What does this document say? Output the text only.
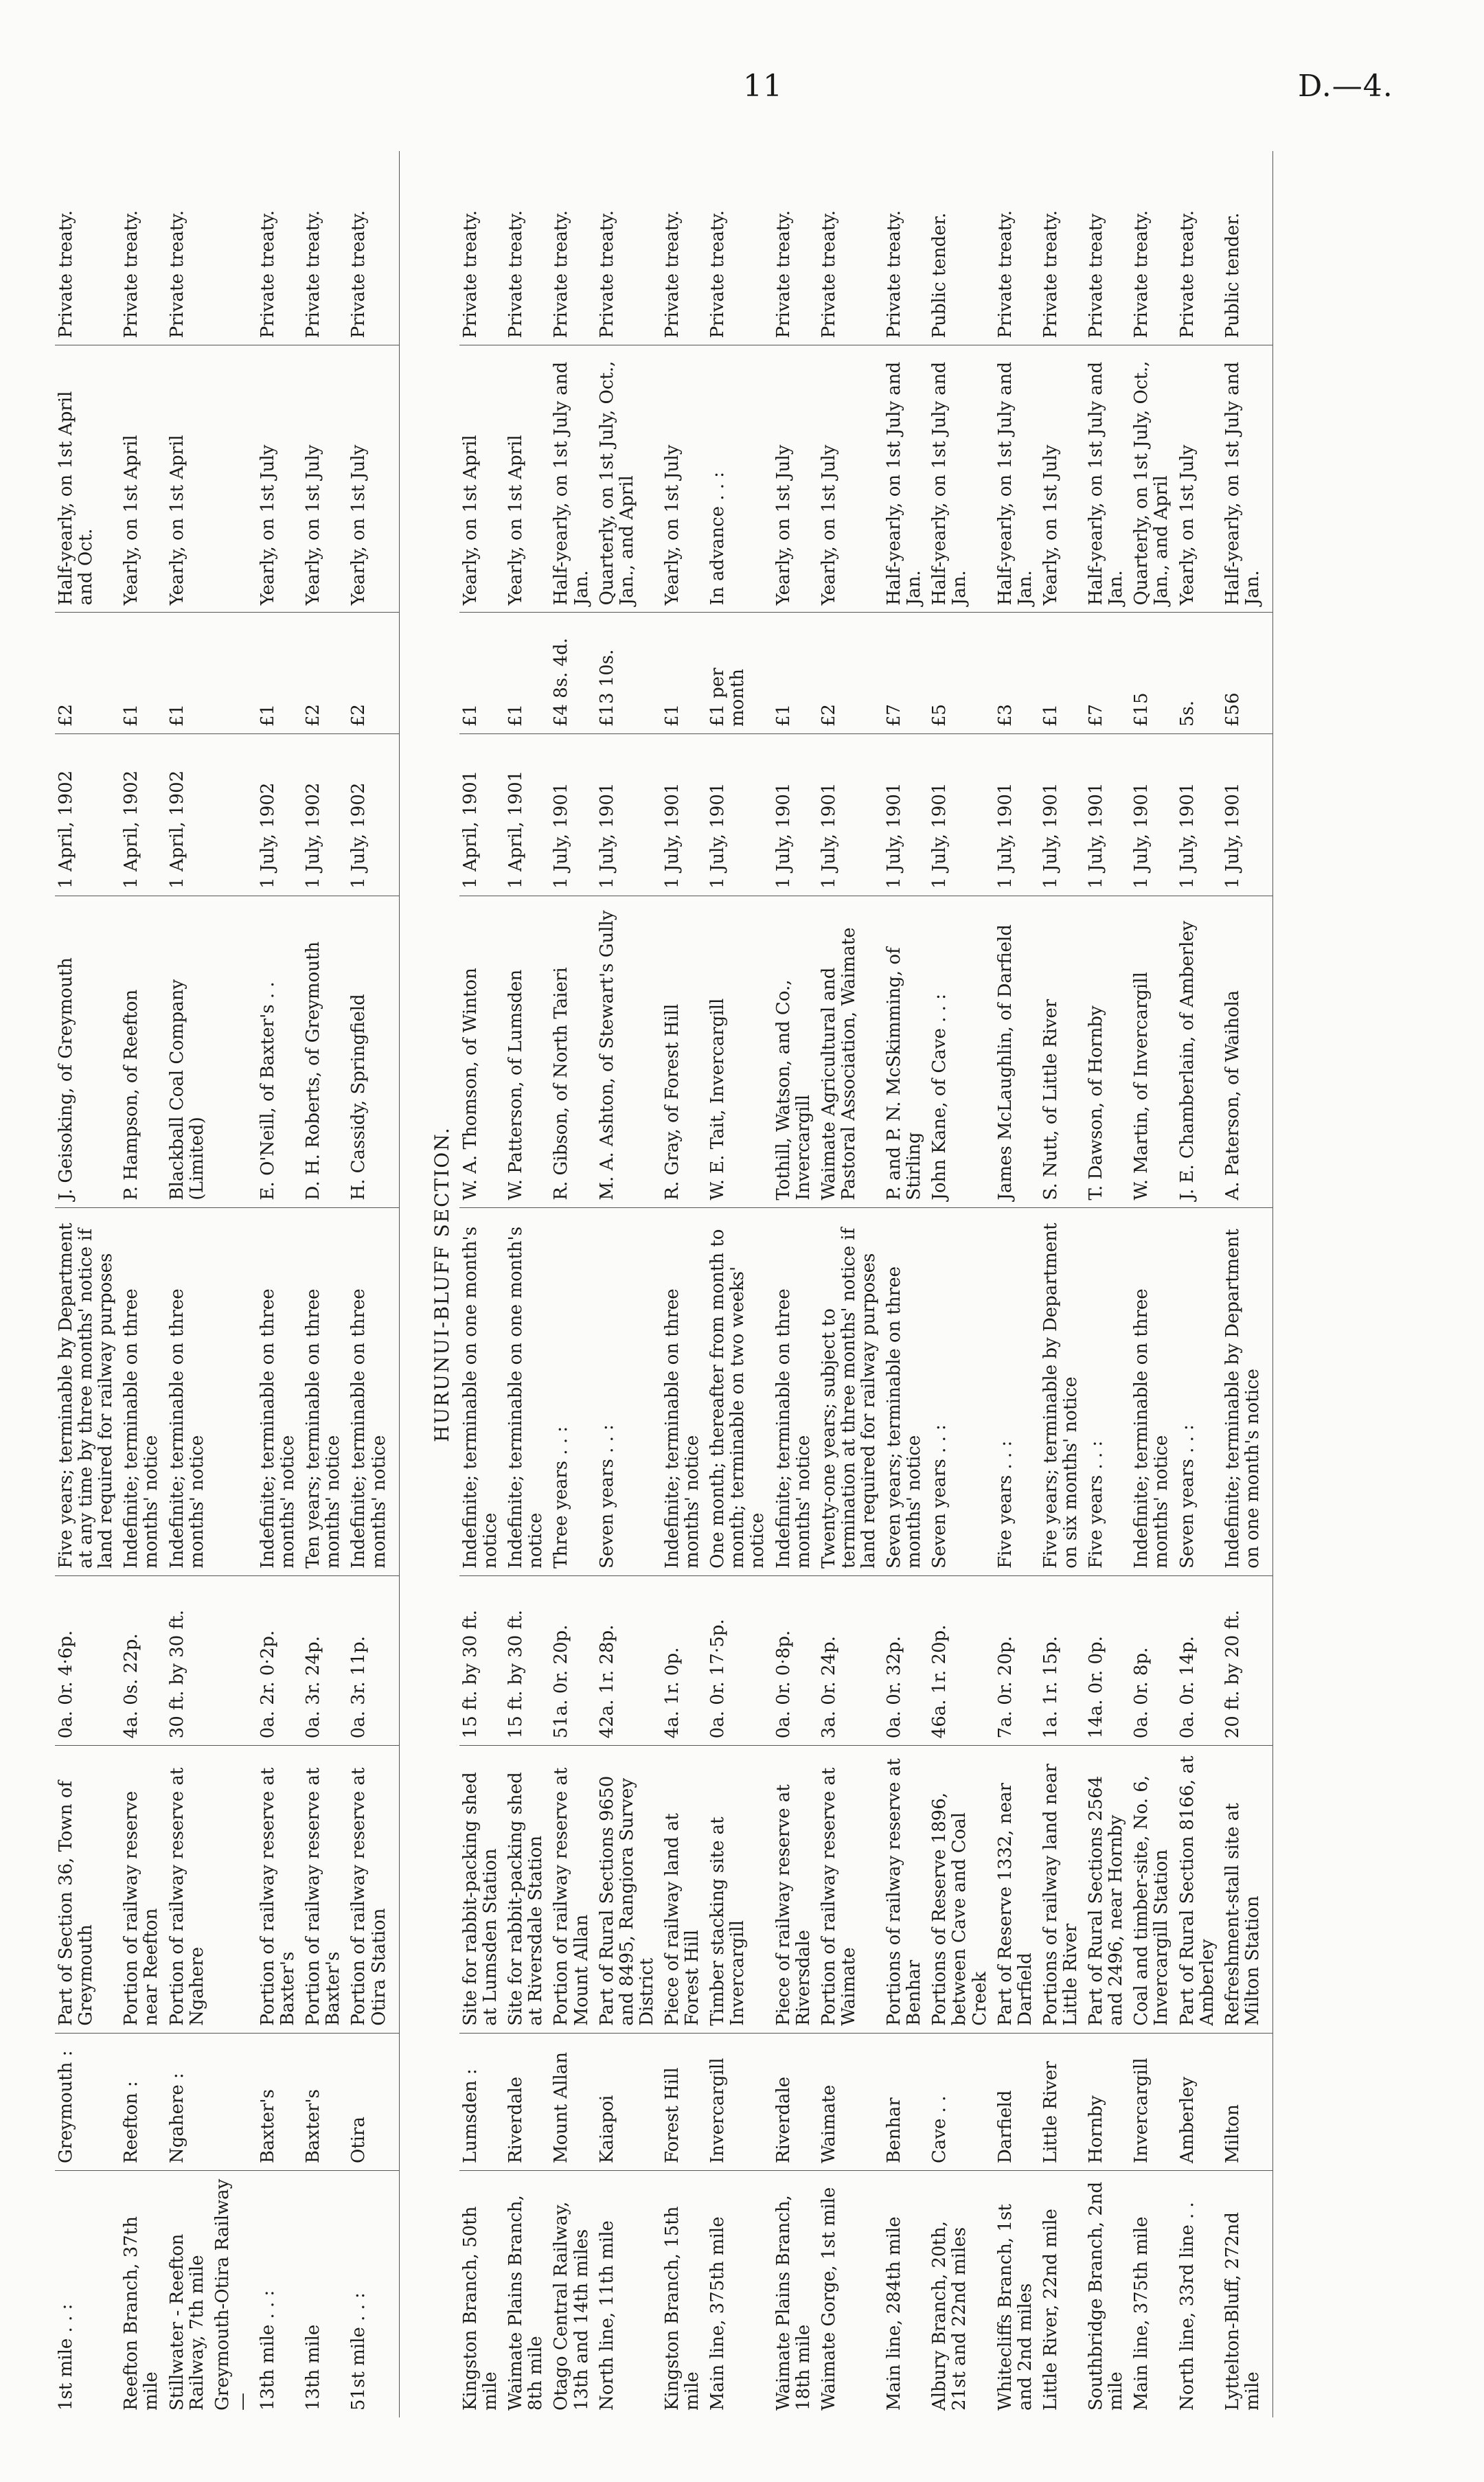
11	D.—4.
1st mile . . :	Greymouth :	Part of Section 36, Town of Greymouth	0a. 0r. 4·6p.	Five years; terminable by Department at any time by three months' notice if land required for railway purposes	J. Geisoking, of Greymouth	1 April, 1902	£2	Half-yearly, on 1st April and Oct.	Private treaty.
Reefton Branch, 37th mile	Reefton :	Portion of railway reserve near Reefton	4a. 0s. 22p.	Indefinite; terminable on three months' notice	P. Hampson, of Reefton	1 April, 1902	£1	Yearly, on 1st April	Private treaty.
Stillwater - Reefton Railway, 7th mile	Ngahere :	Portion of railway reserve at Ngahere	30 ft. by 30 ft.	Indefinite; terminable on three months' notice	Blackball Coal Company (Limited)	1 April, 1902	£1	Yearly, on 1st April	Private treaty.
Greymouth-Otira Railway—									
13th mile . . :	Baxter's	Portion of railway reserve at Baxter's	0a. 2r. 0·2p.	Indefinite; terminable on three months' notice	E. O'Neill, of Baxter's . .	1 July, 1902	£1	Yearly, on 1st July	Private treaty.
13th mile	Baxter's	Portion of railway reserve at Baxter's	0a. 3r. 24p.	Ten years; terminable on three months' notice	D. H. Roberts, of Greymouth	1 July, 1902	£2	Yearly, on 1st July	Private treaty.
51st mile . . :	Otira	Portion of railway reserve at Otira Station	0a. 3r. 11p.	Indefinite; terminable on three months' notice	H. Cassidy, Springfield	1 July, 1902	£2	Yearly, on 1st July	Private treaty.

HURUNUI-BLUFF SECTION.									
Kingston Branch, 50th mile	Lumsden :	Site for rabbit-packing shed at Lumsden Station	15 ft. by 30 ft.	Indefinite; terminable on one month's notice	W. A. Thomson, of Winton	1 April, 1901	£1	Yearly, on 1st April	Private treaty.
Waimate Plains Branch, 8th mile	Riverdale	Site for rabbit-packing shed at Riversdale Station	15 ft. by 30 ft.	Indefinite; terminable on one month's notice	W. Patterson, of Lumsden	1 April, 1901	£1	Yearly, on 1st April	Private treaty.
Otago Central Railway, 13th and 14th miles	Mount Allan	Portion of railway reserve at Mount Allan	51a. 0r. 20p.	Three years . . :	R. Gibson, of North Taieri	1 July, 1901	£4 8s. 4d.	Half-yearly, on 1st July and Jan.	Private treaty.
North line, 11th mile	Kaiapoi	Part of Rural Sections 9650 and 8495, Rangiora Survey District	42a. 1r. 28p.	Seven years . . :	M. A. Ashton, of Stewart's Gully	1 July, 1901	£13 10s.	Quarterly, on 1st July, Oct., Jan., and April	Private treaty.
Kingston Branch, 15th mile	Forest Hill	Piece of railway land at Forest Hill	4a. 1r. 0p.	Indefinite; terminable on three months' notice	R. Gray, of Forest Hill	1 July, 1901	£1	Yearly, on 1st July	Private treaty.
Main line, 375th mile	Invercargill	Timber stacking site at Invercargill	0a. 0r. 17·5p.	One month; thereafter from month to month; terminable on two weeks' notice	W. E. Tait, Invercargill	1 July, 1901	£1 per month	In advance . . :	Private treaty.
Waimate Plains Branch, 18th mile	Riverdale	Piece of railway reserve at Riversdale	0a. 0r. 0·8p.	Indefinite; terminable on three months' notice	Tothill, Watson, and Co., Invercargill	1 July, 1901	£1	Yearly, on 1st July	Private treaty.
Waimate Gorge, 1st mile	Waimate	Portion of railway reserve at Waimate	3a. 0r. 24p.	Twenty-one years; subject to termination at three months' notice if land required for railway purposes	Waimate Agricultural and Pastoral Association, Waimate	1 July, 1901	£2	Yearly, on 1st July	Private treaty.
Main line, 284th mile	Benhar	Portions of railway reserve at Benhar	0a. 0r. 32p.	Seven years; terminable on three months' notice	P. and P. N. McSkimming, of Stirling	1 July, 1901	£7	Half-yearly, on 1st July and Jan.	Private treaty.
Albury Branch, 20th, 21st and 22nd miles	Cave . .	Portions of Reserve 1896, between Cave and Coal Creek	46a. 1r. 20p.	Seven years . . :	John Kane, of Cave . . :	1 July, 1901	£5	Half-yearly, on 1st July and Jan.	Public tender.
Whitecliffs Branch, 1st and 2nd miles	Darfield	Part of Reserve 1332, near Darfield	7a. 0r. 20p.	Five years . . :	James McLaughlin, of Darfield	1 July, 1901	£3	Half-yearly, on 1st July and Jan.	Private treaty.
Little River, 22nd mile	Little River	Portions of railway land near Little River	1a. 1r. 15p.	Five years; terminable by Department on six months' notice	S. Nutt, of Little River	1 July, 1901	£1	Yearly, on 1st July	Private treaty.
Southbridge Branch, 2nd mile	Hornby	Part of Rural Sections 2564 and 2496, near Hornby	14a. 0r. 0p.	Five years . . :	T. Dawson, of Hornby	1 July, 1901	£7	Half-yearly, on 1st July and Jan.	Private treaty
Main line, 375th mile	Invercargill	Coal and timber-site, No. 6, Invercargill Station	0a. 0r. 8p.	Indefinite; terminable on three months' notice	W. Martin, of Invercargill	1 July, 1901	£15	Quarterly, on 1st July, Oct., Jan., and April	Private treaty.
North line, 33rd line . .	Amberley	Part of Rural Section 8166, at Amberley	0a. 0r. 14p.	Seven years . . :	J. E. Chamberlain, of Amberley	1 July, 1901	5s.	Yearly, on 1st July	Private treaty.
Lyttelton-Bluff, 272nd mile	Milton	Refreshment-stall site at Milton Station	20 ft. by 20 ft.	Indefinite; terminable by Department on one month's notice	A. Paterson, of Waihola	1 July, 1901	£56	Half-yearly, on 1st July and Jan.	Public tender.
